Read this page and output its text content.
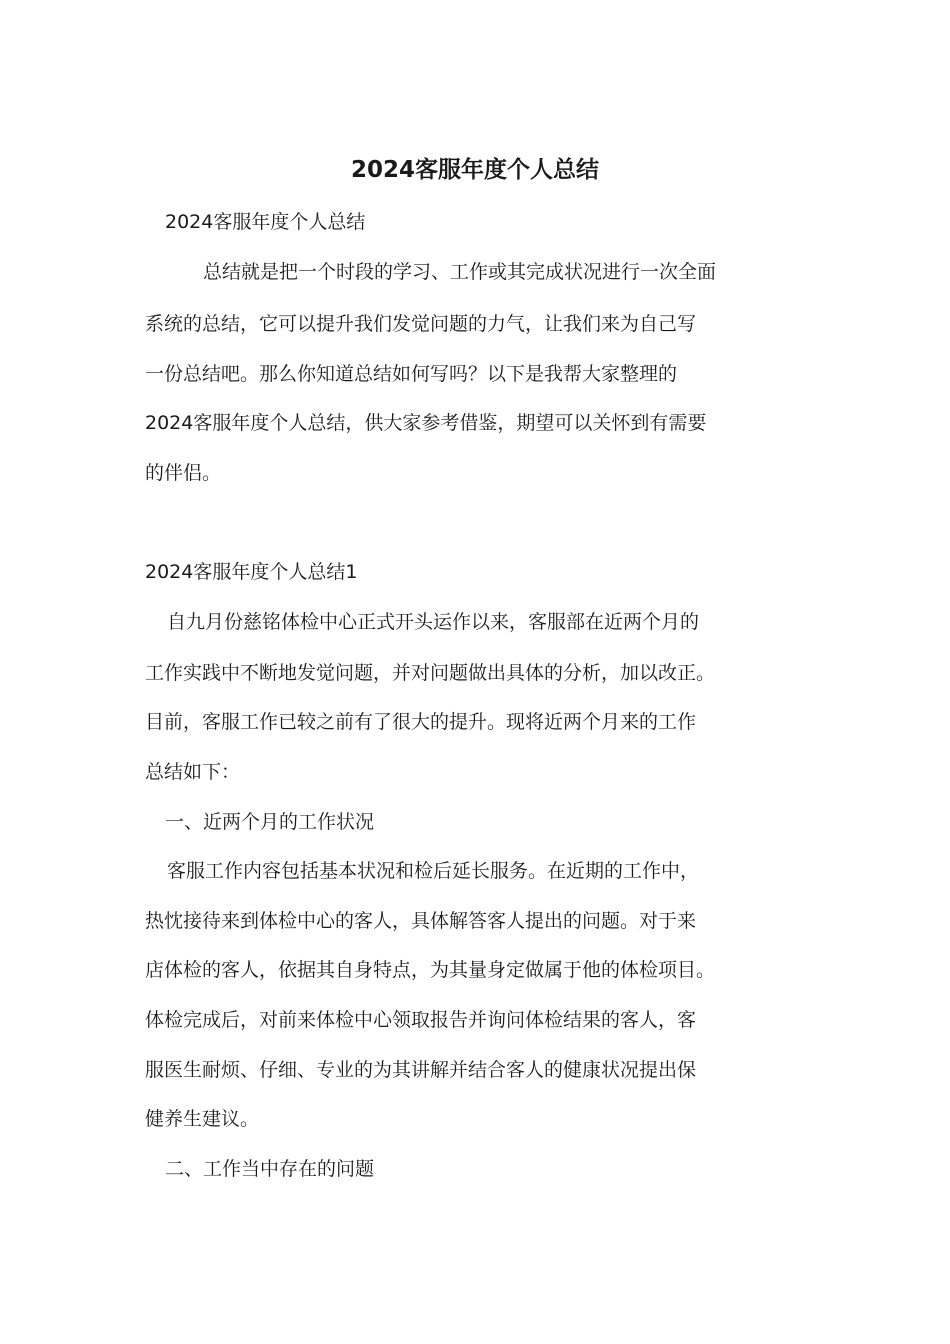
2024客服年度个人总结

2024客服年度个人总结

总结就是把一个时段的学习、工作或其完成状况进行一次全面

系统的总结，它可以提升我们发觉问题的力气，让我们来为自己写

一份总结吧。那么你知道总结如何写吗？以下是我帮大家整理的

2024客服年度个人总结，供大家参考借鉴，期望可以关怀到有需要

的伴侣。

2024客服年度个人总结1

自九月份慈铭体检中心正式开头运作以来，客服部在近两个月的

工作实践中不断地发觉问题，并对问题做出具体的分析，加以改正。

目前，客服工作已较之前有了很大的提升。现将近两个月来的工作

总结如下：

一、近两个月的工作状况

客服工作内容包括基本状况和检后延长服务。在近期的工作中，

热忱接待来到体检中心的客人，具体解答客人提出的问题。对于来

店体检的客人，依据其自身特点，为其量身定做属于他的体检项目。

体检完成后，对前来体检中心领取报告并询问体检结果的客人，客

服医生耐烦、仔细、专业的为其讲解并结合客人的健康状况提出保

健养生建议。

二、工作当中存在的问题
